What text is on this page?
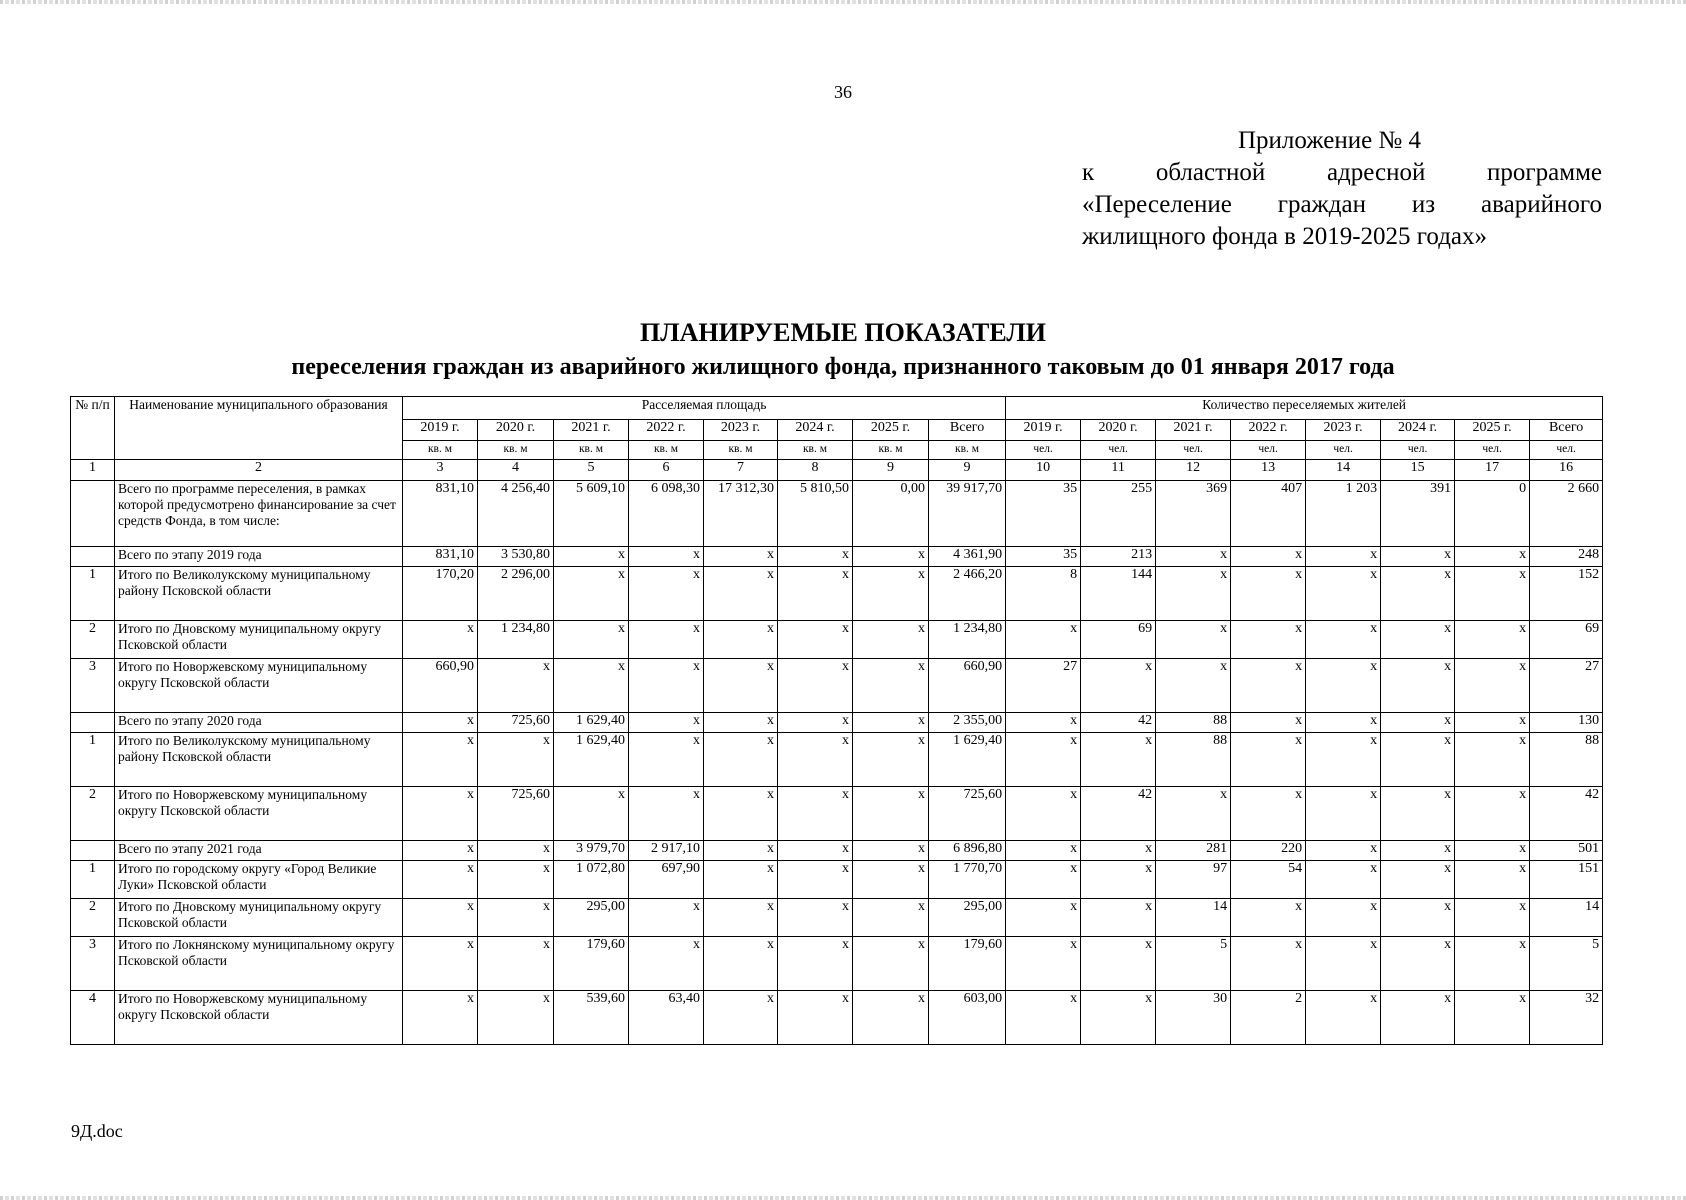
36
Приложение № 4
к областной адресной программе
«Переселение граждан из аварийного
жилищного фонда в 2019-2025 годах»
ПЛАНИРУЕМЫЕ ПОКАЗАТЕЛИ
переселения граждан из аварийного жилищного фонда, признанного таковым до 01 января 2017 года
№ п/п	Наименование муниципального образования	Расселяемая площадь								Количество переселяемых жителей							
		2019 г.	2020 г.	2021 г.	2022 г.	2023 г.	2024 г.	2025 г.	Всего	2019 г.	2020 г.	2021 г.	2022 г.	2023 г.	2024 г.	2025 г.	Всего
		кв. м	кв. м	кв. м	кв. м	кв. м	кв. м	кв. м	кв. м	чел.	чел.	чел.	чел.	чел.	чел.	чел.	чел.
1	2	3	4	5	6	7	8	9	9	10	11	12	13	14	15	17	16
	Всего по программе переселения, в рамках которой предусмотрено финансирование за счет средств Фонда, в том числе:	831,10	4 256,40	5 609,10	6 098,30	17 312,30	5 810,50	0,00	39 917,70	35	255	369	407	1 203	391	0	2 660
	Всего по этапу 2019 года	831,10	3 530,80	x	x	x	x	x	4 361,90	35	213	x	x	x	x	x	248
1	Итого по Великолукскому муниципальному району Псковской области	170,20	2 296,00	x	x	x	x	x	2 466,20	8	144	x	x	x	x	x	152
2	Итого по Дновскому муниципальному округу Псковской области	x	1 234,80	x	x	x	x	x	1 234,80	x	69	x	x	x	x	x	69
3	Итого по Новоржевскому муниципальному округу Псковской области	660,90	x	x	x	x	x	x	660,90	27	x	x	x	x	x	x	27
	Всего по этапу 2020 года	x	725,60	1 629,40	x	x	x	x	2 355,00	x	42	88	x	x	x	x	130
1	Итого по Великолукскому муниципальному району Псковской области	x	x	1 629,40	x	x	x	x	1 629,40	x	x	88	x	x	x	x	88
2	Итого по Новоржевскому муниципальному округу Псковской области	x	725,60	x	x	x	x	x	725,60	x	42	x	x	x	x	x	42
	Всего по этапу 2021 года	x	x	3 979,70	2 917,10	x	x	x	6 896,80	x	x	281	220	x	x	x	501
1	Итого по городскому округу «Город Великие Луки» Псковской области	x	x	1 072,80	697,90	x	x	x	1 770,70	x	x	97	54	x	x	x	151
2	Итого по Дновскому муниципальному округу Псковской области	x	x	295,00	x	x	x	x	295,00	x	x	14	x	x	x	x	14
3	Итого по Локнянскому муниципальному округу Псковской области	x	x	179,60	x	x	x	x	179,60	x	x	5	x	x	x	x	5
4	Итого по Новоржевскому муниципальному округу Псковской области	x	x	539,60	63,40	x	x	x	603,00	x	x	30	2	x	x	x	32
9Д.doc
